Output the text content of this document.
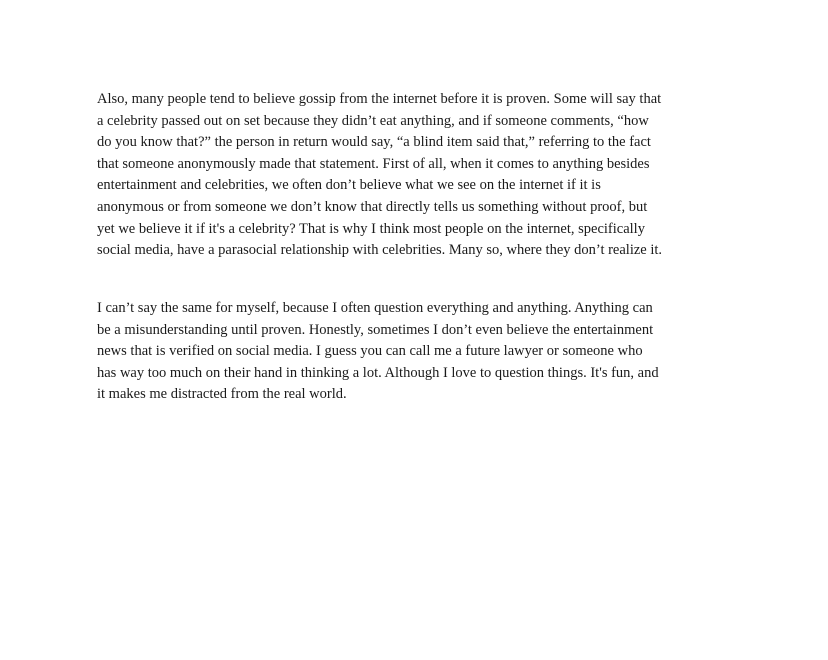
Also, many people tend to believe gossip from the internet before it is proven. Some will say that
a celebrity passed out on set because they didn’t eat anything, and if someone comments, “how
do you know that?” the person in return would say, “a blind item said that,” referring to the fact
that someone anonymously made that statement. First of all, when it comes to anything besides
entertainment and celebrities, we often don’t believe what we see on the internet if it is
anonymous or from someone we don’t know that directly tells us something without proof, but
yet we believe it if it's a celebrity? That is why I think most people on the internet, specifically
social media, have a parasocial relationship with celebrities. Many so, where they don’t realize it.

I can’t say the same for myself, because I often question everything and anything. Anything can
be a misunderstanding until proven. Honestly, sometimes I don’t even believe the entertainment
news that is verified on social media. I guess you can call me a future lawyer or someone who
has way too much on their hand in thinking a lot. Although I love to question things. It's fun, and
it makes me distracted from the real world.
